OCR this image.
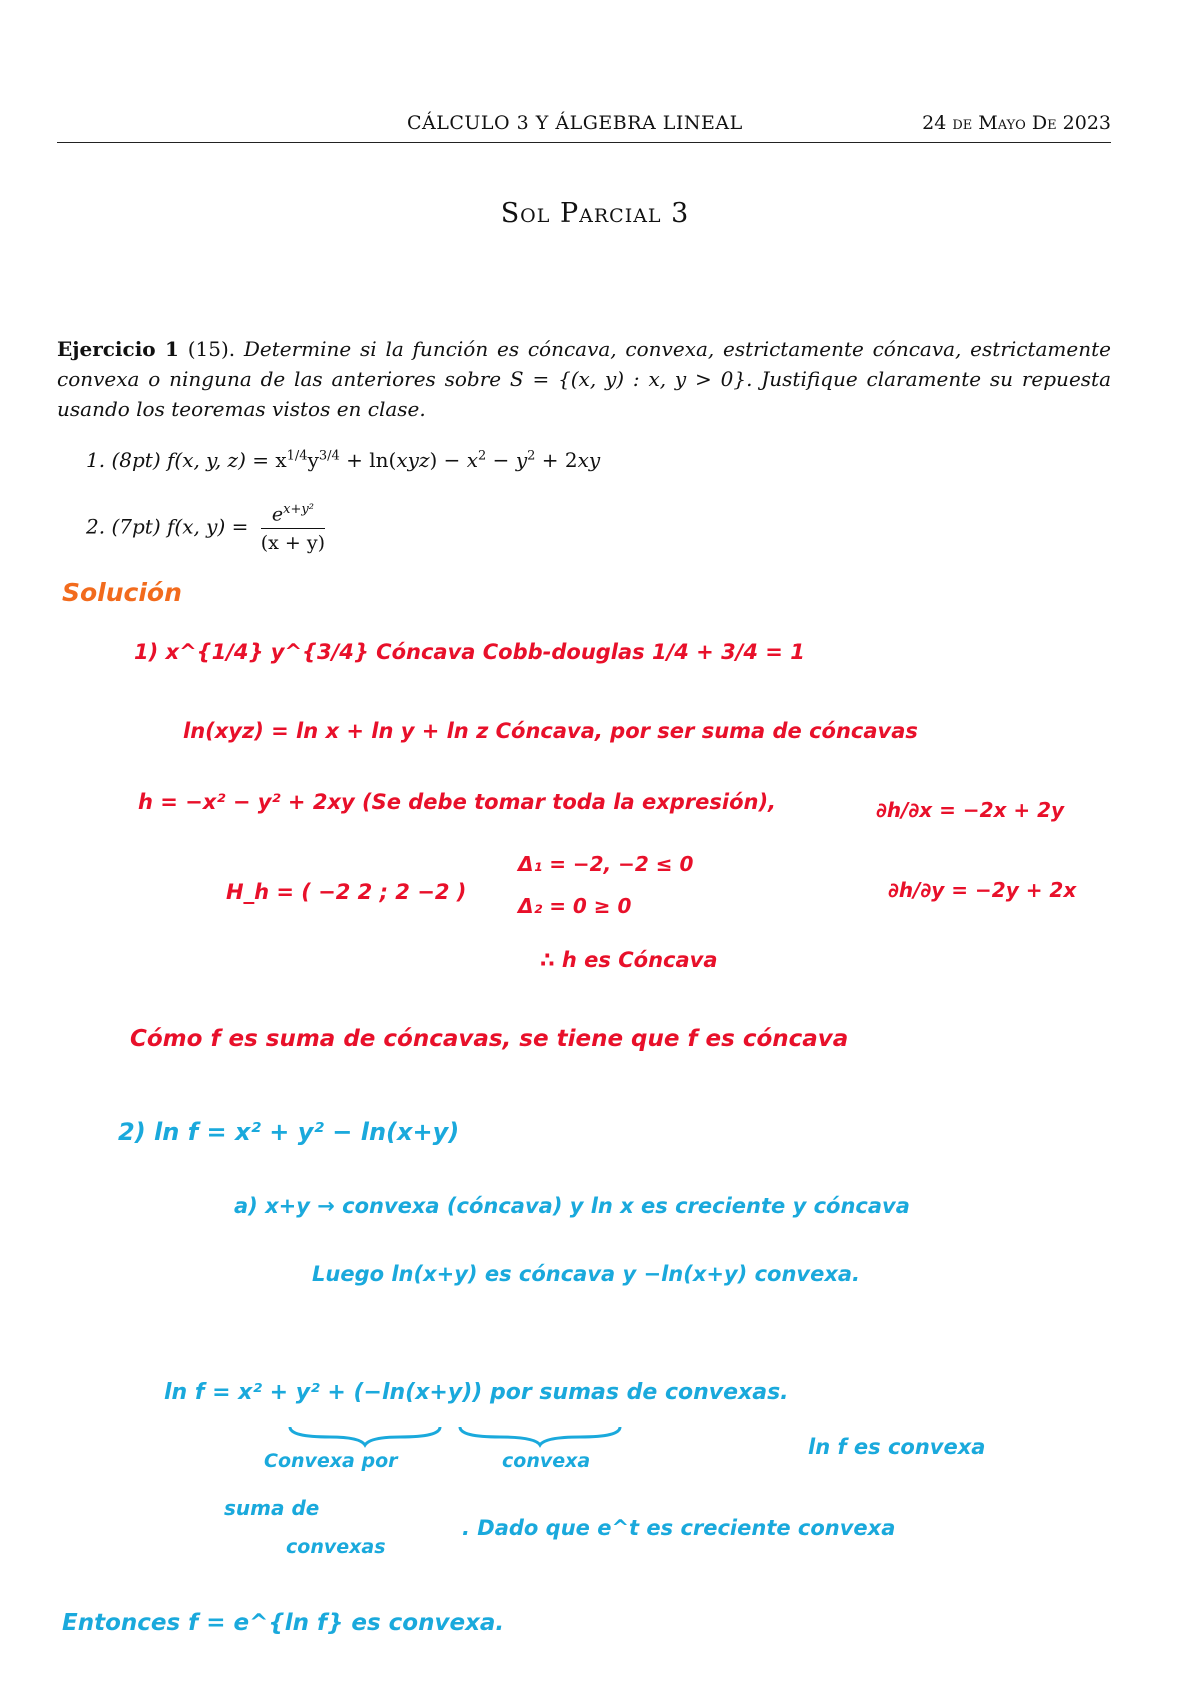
CÁLCULO 3 Y ÁLGEBRA LINEAL	24 de Mayo De 2023
Sol Parcial 3
Ejercicio 1 (15). Determine si la función es cóncava, convexa, estrictamente cóncava, estrictamente convexa o ninguna de las anteriores sobre S = {(x, y) : x, y > 0}. Justifique claramente su repuesta usando los teoremas vistos en clase.
1. (8pt) f(x, y, $z) = x^{1/4}y^{3/4} + \ln(xyz) - x^2 - y^2 + 2xy$
2. (7pt) f(x, $y) = \frac{e^{x+y^2}}{(x + y)}$
Solución
1) x^{1/4} y^{3/4} Cóncava Cobb-douglas 1/4 + 3/4 = 1
ln(xyz) = ln x + ln y + ln z Cóncava, por ser suma de cóncavas
h = −x² − y² + 2xy (Se debe tomar toda la expresión),	∂h/∂x = −2x + 2y
H_h = ( −2 2 ; 2 −2 )
Δ₁ = −2, −2 ≤ 0
Δ₂ = 0 ≥ 0
∂h/∂y = −2y + 2x
∴ h es Cóncava
Cómo f es suma de cóncavas, se tiene que f es cóncava
2) ln f = x² + y² − ln(x+y)
a) x+y → convexa (cóncava) y ln x es creciente y cóncava
Luego ln(x+y) es cóncava y −ln(x+y) convexa.
ln f = x² + y² + (−ln(x+y)) por sumas de convexas.
Convexa por	convexa
ln f es convexa
suma de
convexas
. Dado que e^t es creciente convexa
Entonces f = e^{ln f} es convexa.
